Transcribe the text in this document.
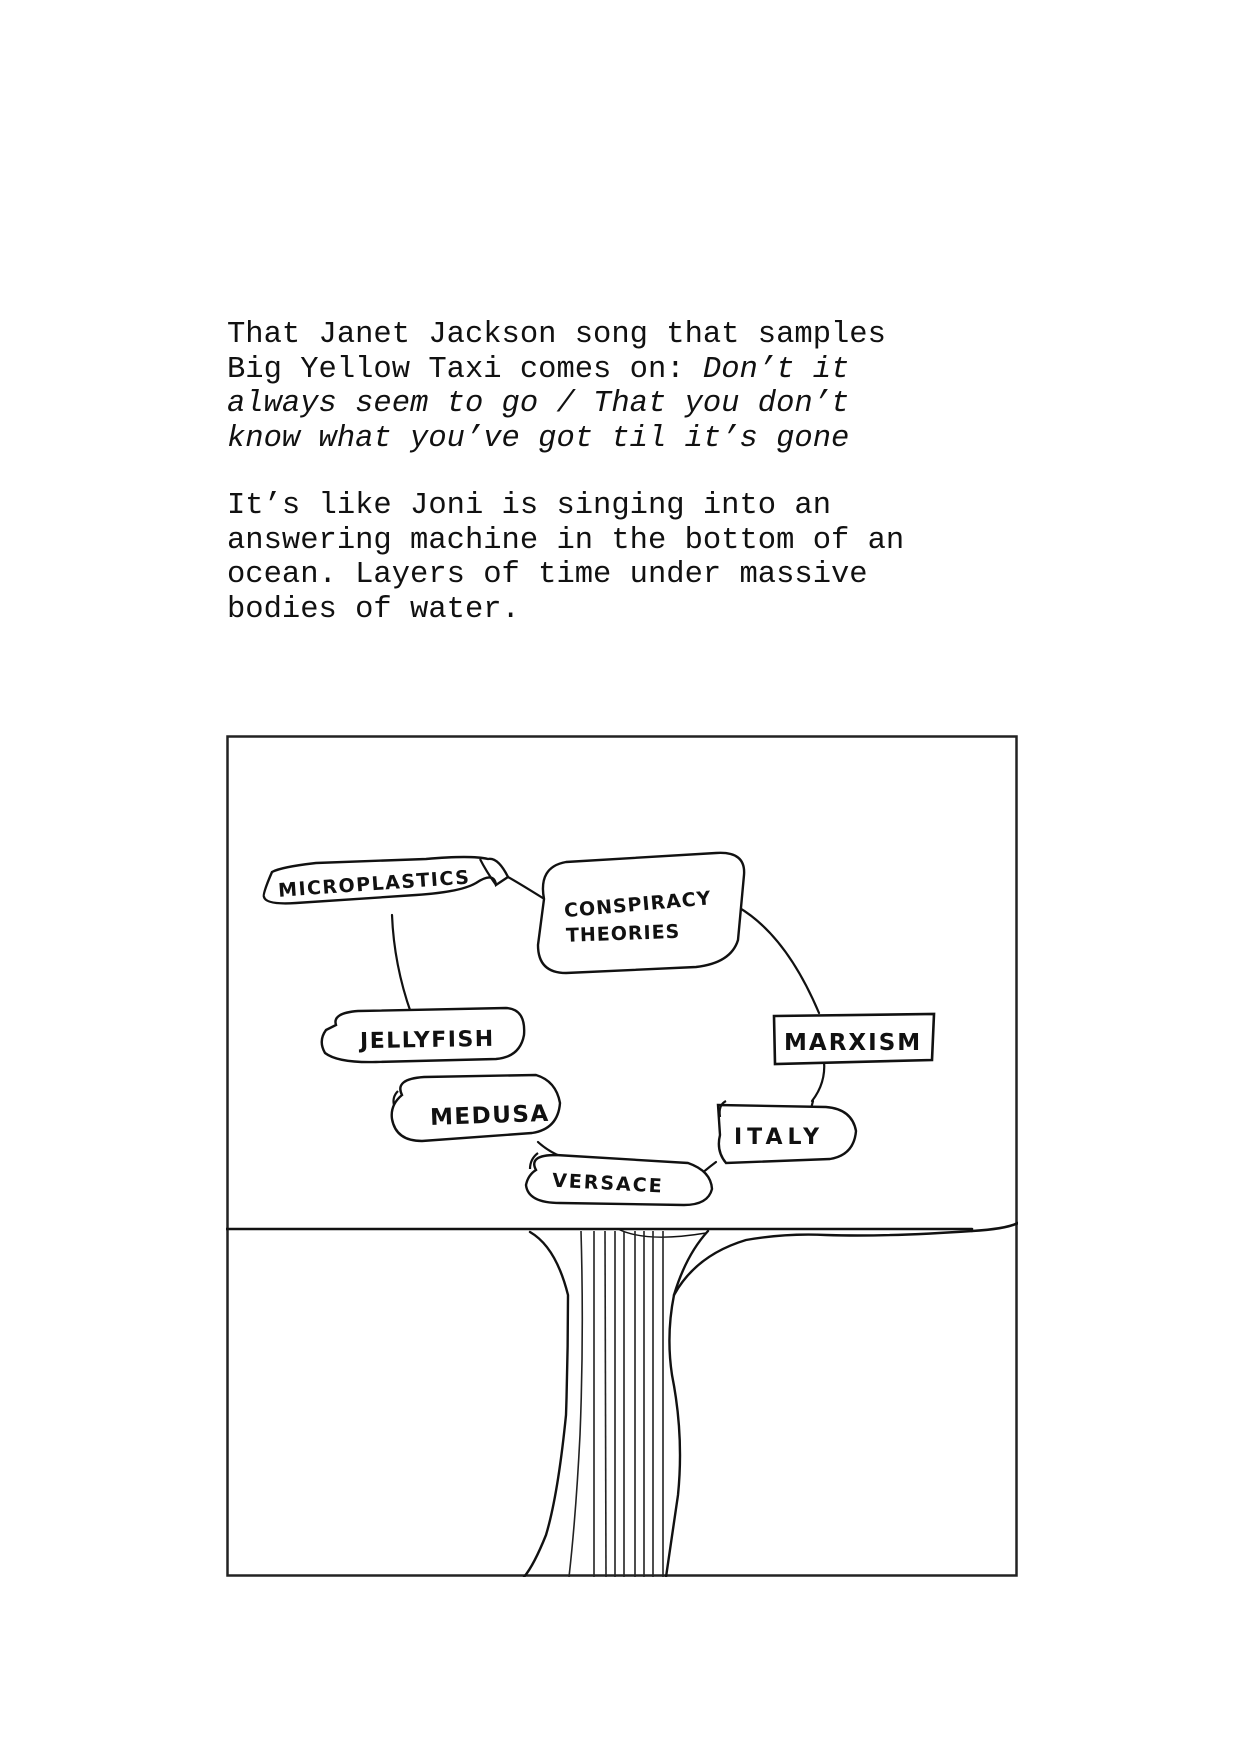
That Janet Jackson song that samples
Big Yellow Taxi comes on: Don’t it
always seem to go / That you don’t
know what you’ve got til it’s gone
It’s like Joni is singing into an
answering machine in the bottom of an
ocean. Layers of time under massive
bodies of water.
MICROPLASTICS
CONSPIRACY
THEORIES
JELLYFISH	MARXISM
MEDUSA
ITALY
VERSACE
